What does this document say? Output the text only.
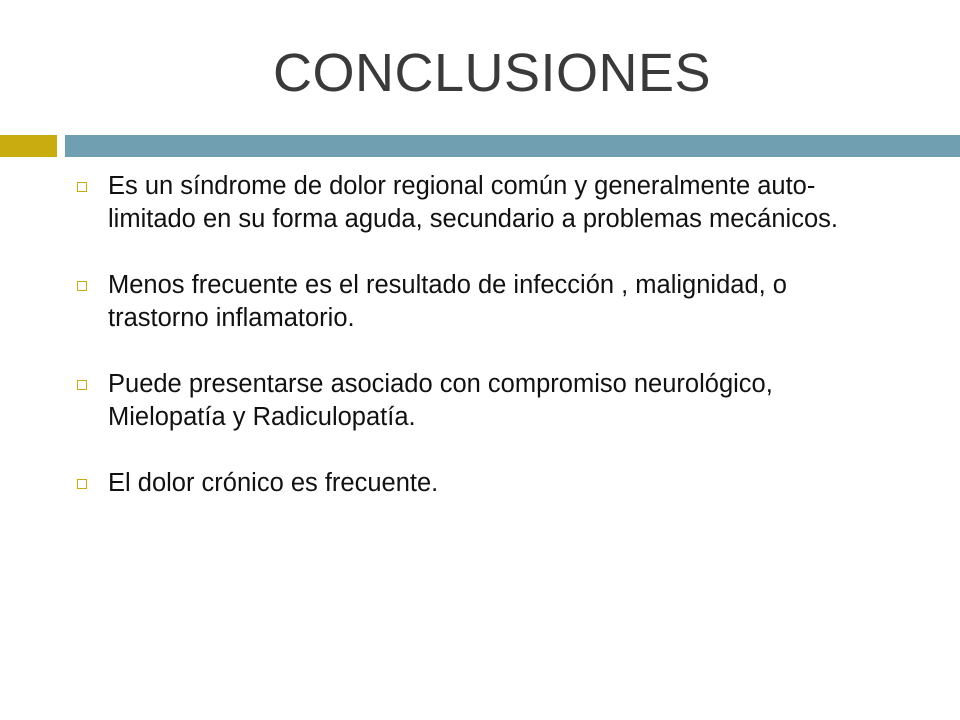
CONCLUSIONES
Es un síndrome de dolor regional común y generalmente auto-limitado en su forma aguda, secundario a problemas mecánicos.
Menos frecuente es el resultado de infección , malignidad, o trastorno inflamatorio.
Puede presentarse asociado con compromiso neurológico, Mielopatía y Radiculopatía.
El dolor crónico es frecuente.
